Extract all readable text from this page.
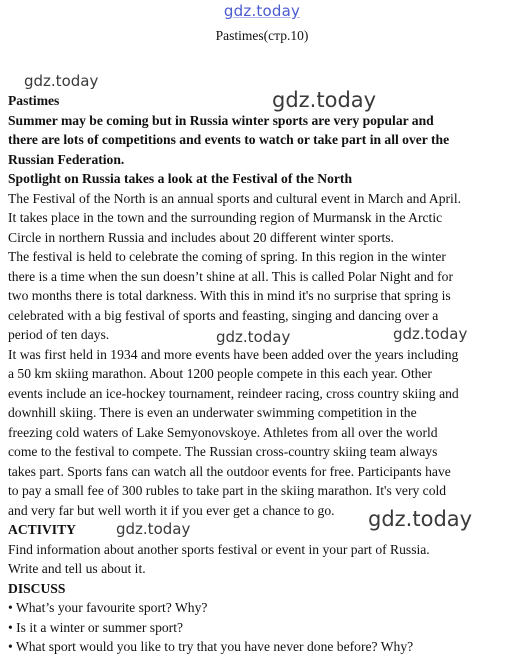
gdz.today
Pastimes(стр.10)
gdz.today
gdz.today
gdz.today	gdz.today
gdz.today
gdz.today
Pastimes
Summer may be coming but in Russia winter sports are very popular and
there are lots of competitions and events to watch or take part in all over the
Russian Federation.
Spotlight on Russia takes a look at the Festival of the North
The Festival of the North is an annual sports and cultural event in March and April.
It takes place in the town and the surrounding region of Murmansk in the Arctic
Circle in northern Russia and includes about 20 different winter sports.
The festival is held to celebrate the coming of spring. In this region in the winter
there is a time when the sun doesn’t shine at all. This is called Polar Night and for
two months there is total darkness. With this in mind it's no surprise that spring is
celebrated with a big festival of sports and feasting, singing and dancing over a
period of ten days.
It was first held in 1934 and more events have been added over the years including
a 50 km skiing marathon. About 1200 people compete in this each year. Other
events include an ice-hockey tournament, reindeer racing, cross country skiing and
downhill skiing. There is even an underwater swimming competition in the
freezing cold waters of Lake Semyonovskoye. Athletes from all over the world
come to the festival to compete. The Russian cross-country skiing team always
takes part. Sports fans can watch all the outdoor events for free. Participants have
to pay a small fee of 300 rubles to take part in the skiing marathon. It's very cold
and very far but well worth it if you ever get a chance to go.
ACTIVITY
Find information about another sports festival or event in your part of Russia.
Write and tell us about it.
DISCUSS
• What’s your favourite sport? Why?
• Is it a winter or summer sport?
• What sport would you like to try that you have never done before? Why?
